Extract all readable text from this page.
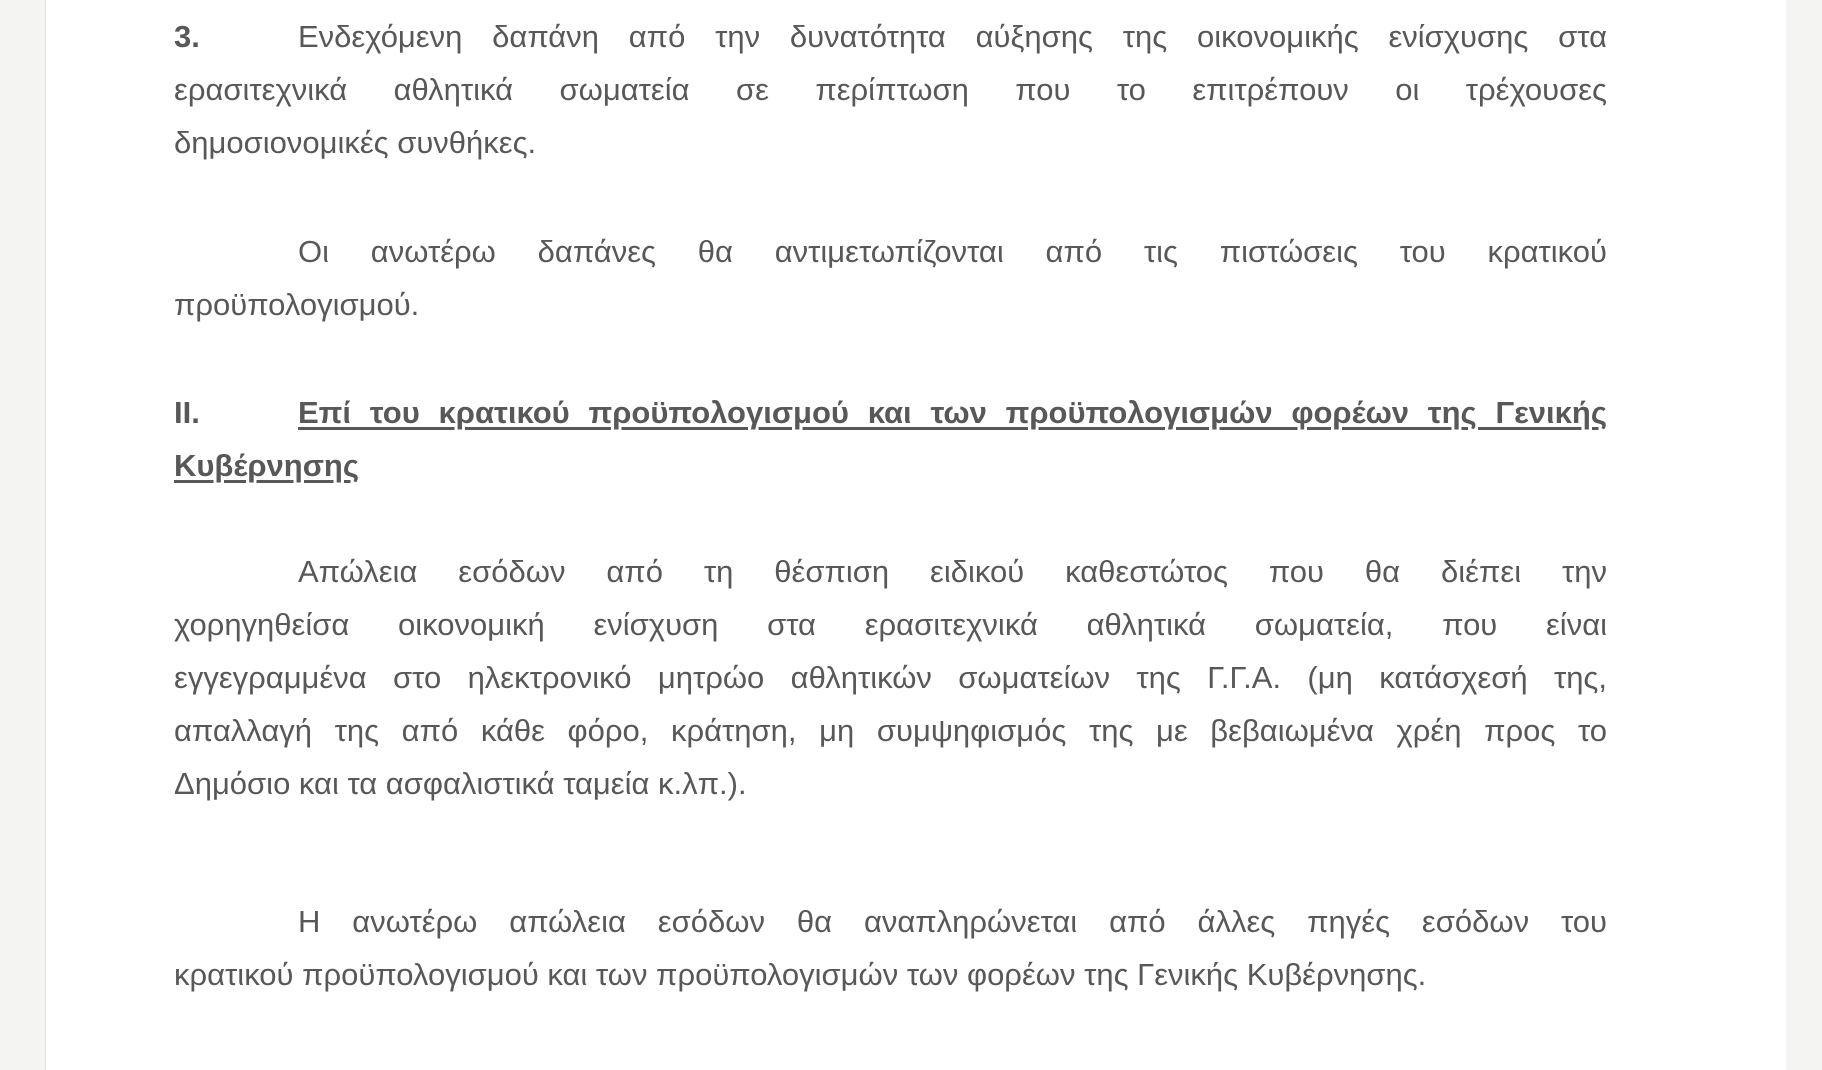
3.	Ενδεχόμενη δαπάνη από την δυνατότητα αύξησης της οικονομικής ενίσχυσης στα
ερασιτεχνικά αθλητικά σωματεία σε περίπτωση που το επιτρέπουν οι τρέχουσες
δημοσιονομικές συνθήκες.
Οι ανωτέρω δαπάνες θα αντιμετωπίζονται από τις πιστώσεις του κρατικού
προϋπολογισμού.
II.	Επί του κρατικού προϋπολογισμού και των προϋπολογισμών φορέων της Γενικής
Κυβέρνησης
Απώλεια εσόδων από τη θέσπιση ειδικού καθεστώτος που θα διέπει την
χορηγηθείσα οικονομική ενίσχυση στα ερασιτεχνικά αθλητικά σωματεία, που είναι
εγγεγραμμένα στο ηλεκτρονικό μητρώο αθλητικών σωματείων της Γ.Γ.Α. (μη κατάσχεσή της,
απαλλαγή της από κάθε φόρο, κράτηση, μη συμψηφισμός της με βεβαιωμένα χρέη προς το
Δημόσιο και τα ασφαλιστικά ταμεία κ.λπ.).
Η ανωτέρω απώλεια εσόδων θα αναπληρώνεται από άλλες πηγές εσόδων του
κρατικού προϋπολογισμού και των προϋπολογισμών των φορέων της Γενικής Κυβέρνησης.
